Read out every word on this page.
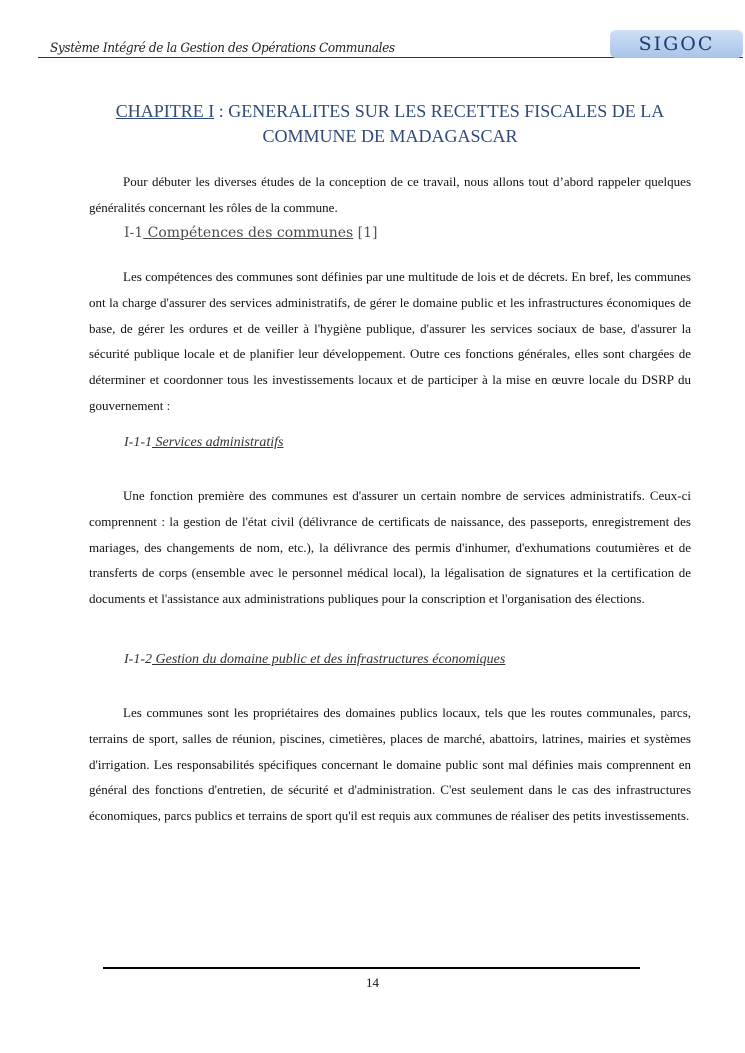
Système Intégré de la Gestion des Opérations Communales	SIGOC
CHAPITRE I : GENERALITES SUR LES RECETTES FISCALES DE LA COMMUNE DE MADAGASCAR

Pour débuter les diverses études de la conception de ce travail, nous allons tout d’abord rappeler quelques généralités concernant les rôles de la commune.

I-1 Compétences des communes [1]

Les compétences des communes sont définies par une multitude de lois et de décrets. En bref, les communes ont la charge d'assurer des services administratifs, de gérer le domaine public et les infrastructures économiques de base, de gérer les ordures et de veiller à l'hygiène publique, d'assurer les services sociaux de base, d'assurer la sécurité publique locale et de planifier leur développement. Outre ces fonctions générales, elles sont chargées de déterminer et coordonner tous les investissements locaux et de participer à la mise en œuvre locale du DSRP du gouvernement :

I-1-1 Services administratifs

Une fonction première des communes est d'assurer un certain nombre de services administratifs. Ceux-ci comprennent : la gestion de l'état civil (délivrance de certificats de naissance, des passeports, enregistrement des mariages, des changements de nom, etc.), la délivrance des permis d'inhumer, d'exhumations coutumières et de transferts de corps (ensemble avec le personnel médical local), la légalisation de signatures et la certification de documents et l'assistance aux administrations publiques pour la conscription et l'organisation des élections.

I-1-2 Gestion du domaine public et des infrastructures économiques

Les communes sont les propriétaires des domaines publics locaux, tels que les routes communales, parcs, terrains de sport, salles de réunion, piscines, cimetières, places de marché, abattoirs, latrines, mairies et systèmes d'irrigation. Les responsabilités spécifiques concernant le domaine public sont mal définies mais comprennent en général des fonctions d'entretien, de sécurité et d'administration. C'est seulement dans le cas des infrastructures économiques, parcs publics et terrains de sport qu'il est requis aux communes de réaliser des petits investissements.

14
